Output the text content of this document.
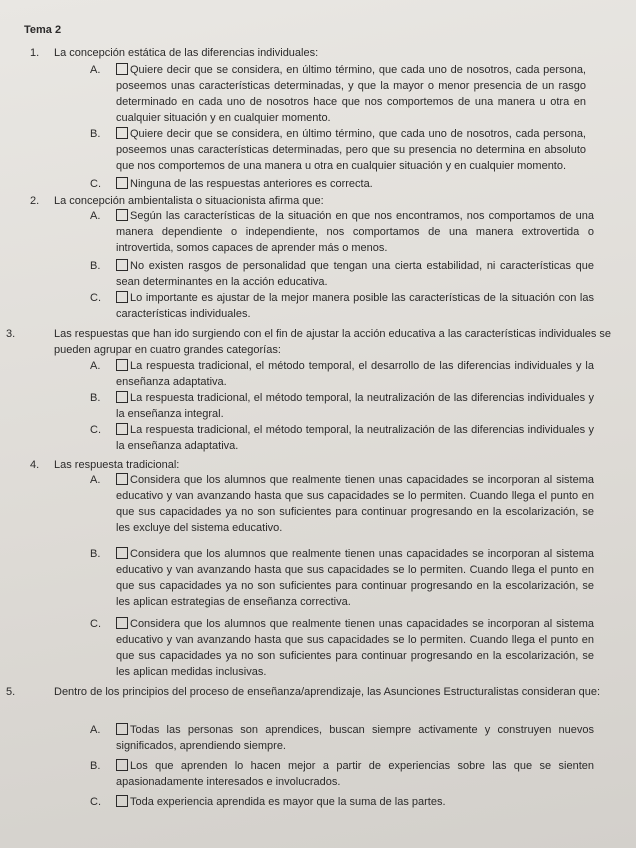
Tema 2
1. La concepción estática de las diferencias individuales:
A.	Quiere decir que se considera, en último término, que cada uno de nosotros, cada persona, poseemos unas características determinadas, y que la mayor o menor presencia de un rasgo determinado en cada uno de nosotros hace que nos comportemos de una manera u otra en cualquier situación y en cualquier momento.
B.	Quiere decir que se considera, en último término, que cada uno de nosotros, cada persona, poseemos unas características determinadas, pero que su presencia no determina en absoluto que nos comportemos de una manera u otra en cualquier situación y en cualquier momento.
C.	Ninguna de las respuestas anteriores es correcta.
2. La concepción ambientalista o situacionista afirma que:
A.	Según las características de la situación en que nos encontramos, nos comportamos de una manera dependiente o independiente, nos comportamos de una manera extrovertida o introvertida, somos capaces de aprender más o menos.
B.	No existen rasgos de personalidad que tengan una cierta estabilidad, ni características que sean determinantes en la acción educativa.
C.	Lo importante es ajustar de la mejor manera posible las características de la situación con las características individuales.
3.	Las respuestas que han ido surgiendo con el fin de ajustar la acción educativa a las características individuales se pueden agrupar en cuatro grandes categorías:
A.	La respuesta tradicional, el método temporal, el desarrollo de las diferencias individuales y la enseñanza adaptativa.
B.	La respuesta tradicional, el método temporal, la neutralización de las diferencias individuales y la enseñanza integral.
C.	La respuesta tradicional, el método temporal, la neutralización de las diferencias individuales y la enseñanza adaptativa.
4. Las respuesta tradicional:
A.	Considera que los alumnos que realmente tienen unas capacidades se incorporan al sistema educativo y van avanzando hasta que sus capacidades se lo permiten. Cuando llega el punto en que sus capacidades ya no son suficientes para continuar progresando en la escolarización, se les excluye del sistema educativo.
B.	Considera que los alumnos que realmente tienen unas capacidades se incorporan al sistema educativo y van avanzando hasta que sus capacidades se lo permiten. Cuando llega el punto en que sus capacidades ya no son suficientes para continuar progresando en la escolarización, se les aplican estrategias de enseñanza correctiva.
C.	Considera que los alumnos que realmente tienen unas capacidades se incorporan al sistema educativo y van avanzando hasta que sus capacidades se lo permiten. Cuando llega el punto en que sus capacidades ya no son suficientes para continuar progresando en la escolarización, se les aplican medidas inclusivas.
5.	Dentro de los principios del proceso de enseñanza/aprendizaje, las Asunciones Estructuralistas consideran que:
A.	Todas las personas son aprendices, buscan siempre activamente y construyen nuevos significados, aprendiendo siempre.
B.	Los que aprenden lo hacen mejor a partir de experiencias sobre las que se sienten apasionadamente interesados e involucrados.
C.	Toda experiencia aprendida es mayor que la suma de las partes.
